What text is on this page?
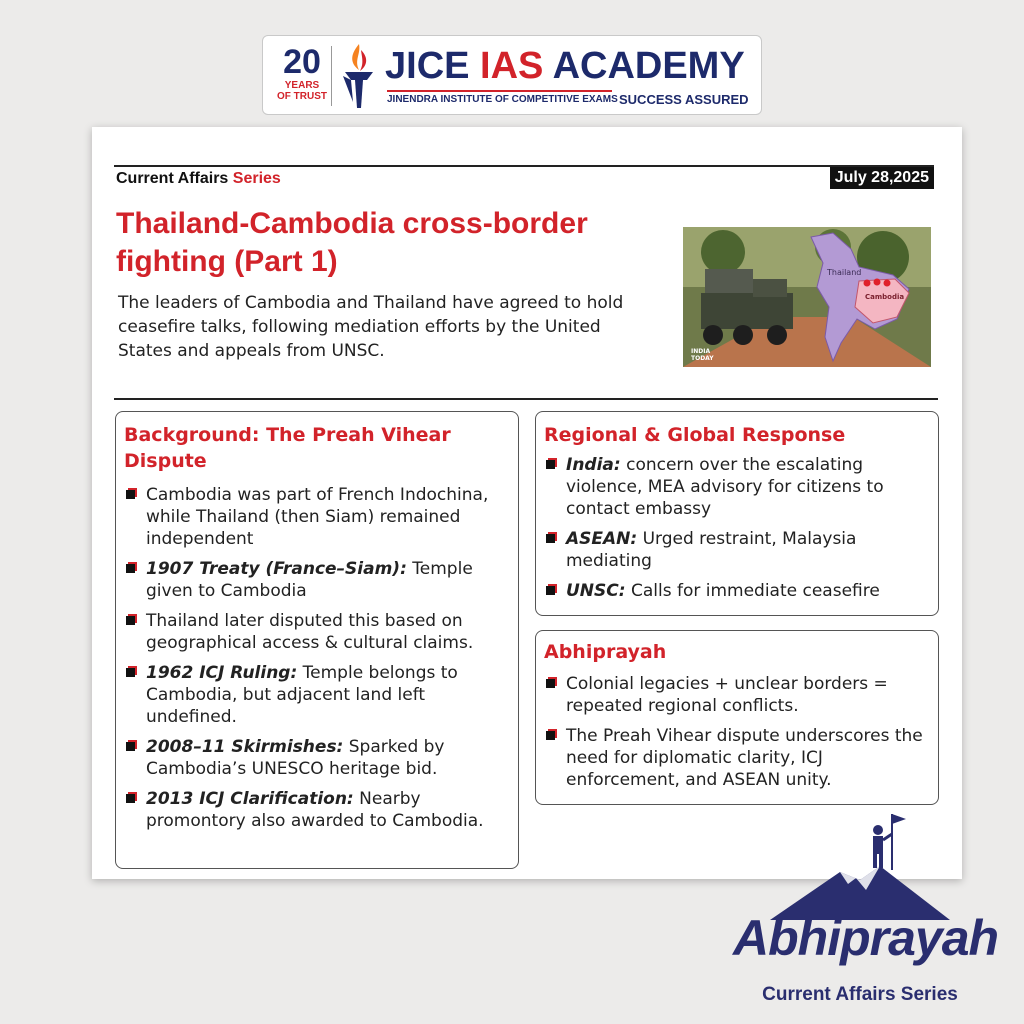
20
YEARS
OF TRUST
JICE IAS ACADEMY
JINENDRA INSTITUTE OF COMPETITIVE EXAMS SUCCESS ASSURED
Current Affairs Series	July 28,2025
Thailand-Cambodia cross-border fighting (Part 1)

The leaders of Cambodia and Thailand have agreed to hold ceasefire talks, following mediation efforts by the United States and appeals from UNSC.

Thailand
Cambodia
INDIA
TODAY
Background: The Preah Vihear Dispute
Cambodia was part of French Indochina, while Thailand (then Siam) remained independent
1907 Treaty (France–Siam): Temple given to Cambodia
Thailand later disputed this based on geographical access & cultural claims.
1962 ICJ Ruling: Temple belongs to Cambodia, but adjacent land left undefined.
2008–11 Skirmishes: Sparked by Cambodia’s UNESCO heritage bid.
2013 ICJ Clarification: Nearby promontory also awarded to Cambodia.
Regional & Global Response
India: concern over the escalating violence, MEA advisory for citizens to contact embassy
ASEAN: Urged restraint, Malaysia mediating
UNSC: Calls for immediate ceasefire
Abhiprayah
Colonial legacies + unclear borders = repeated regional conflicts.
The Preah Vihear dispute underscores the need for diplomatic clarity, ICJ enforcement, and ASEAN unity.
Abhiprayah
Current Affairs Series
